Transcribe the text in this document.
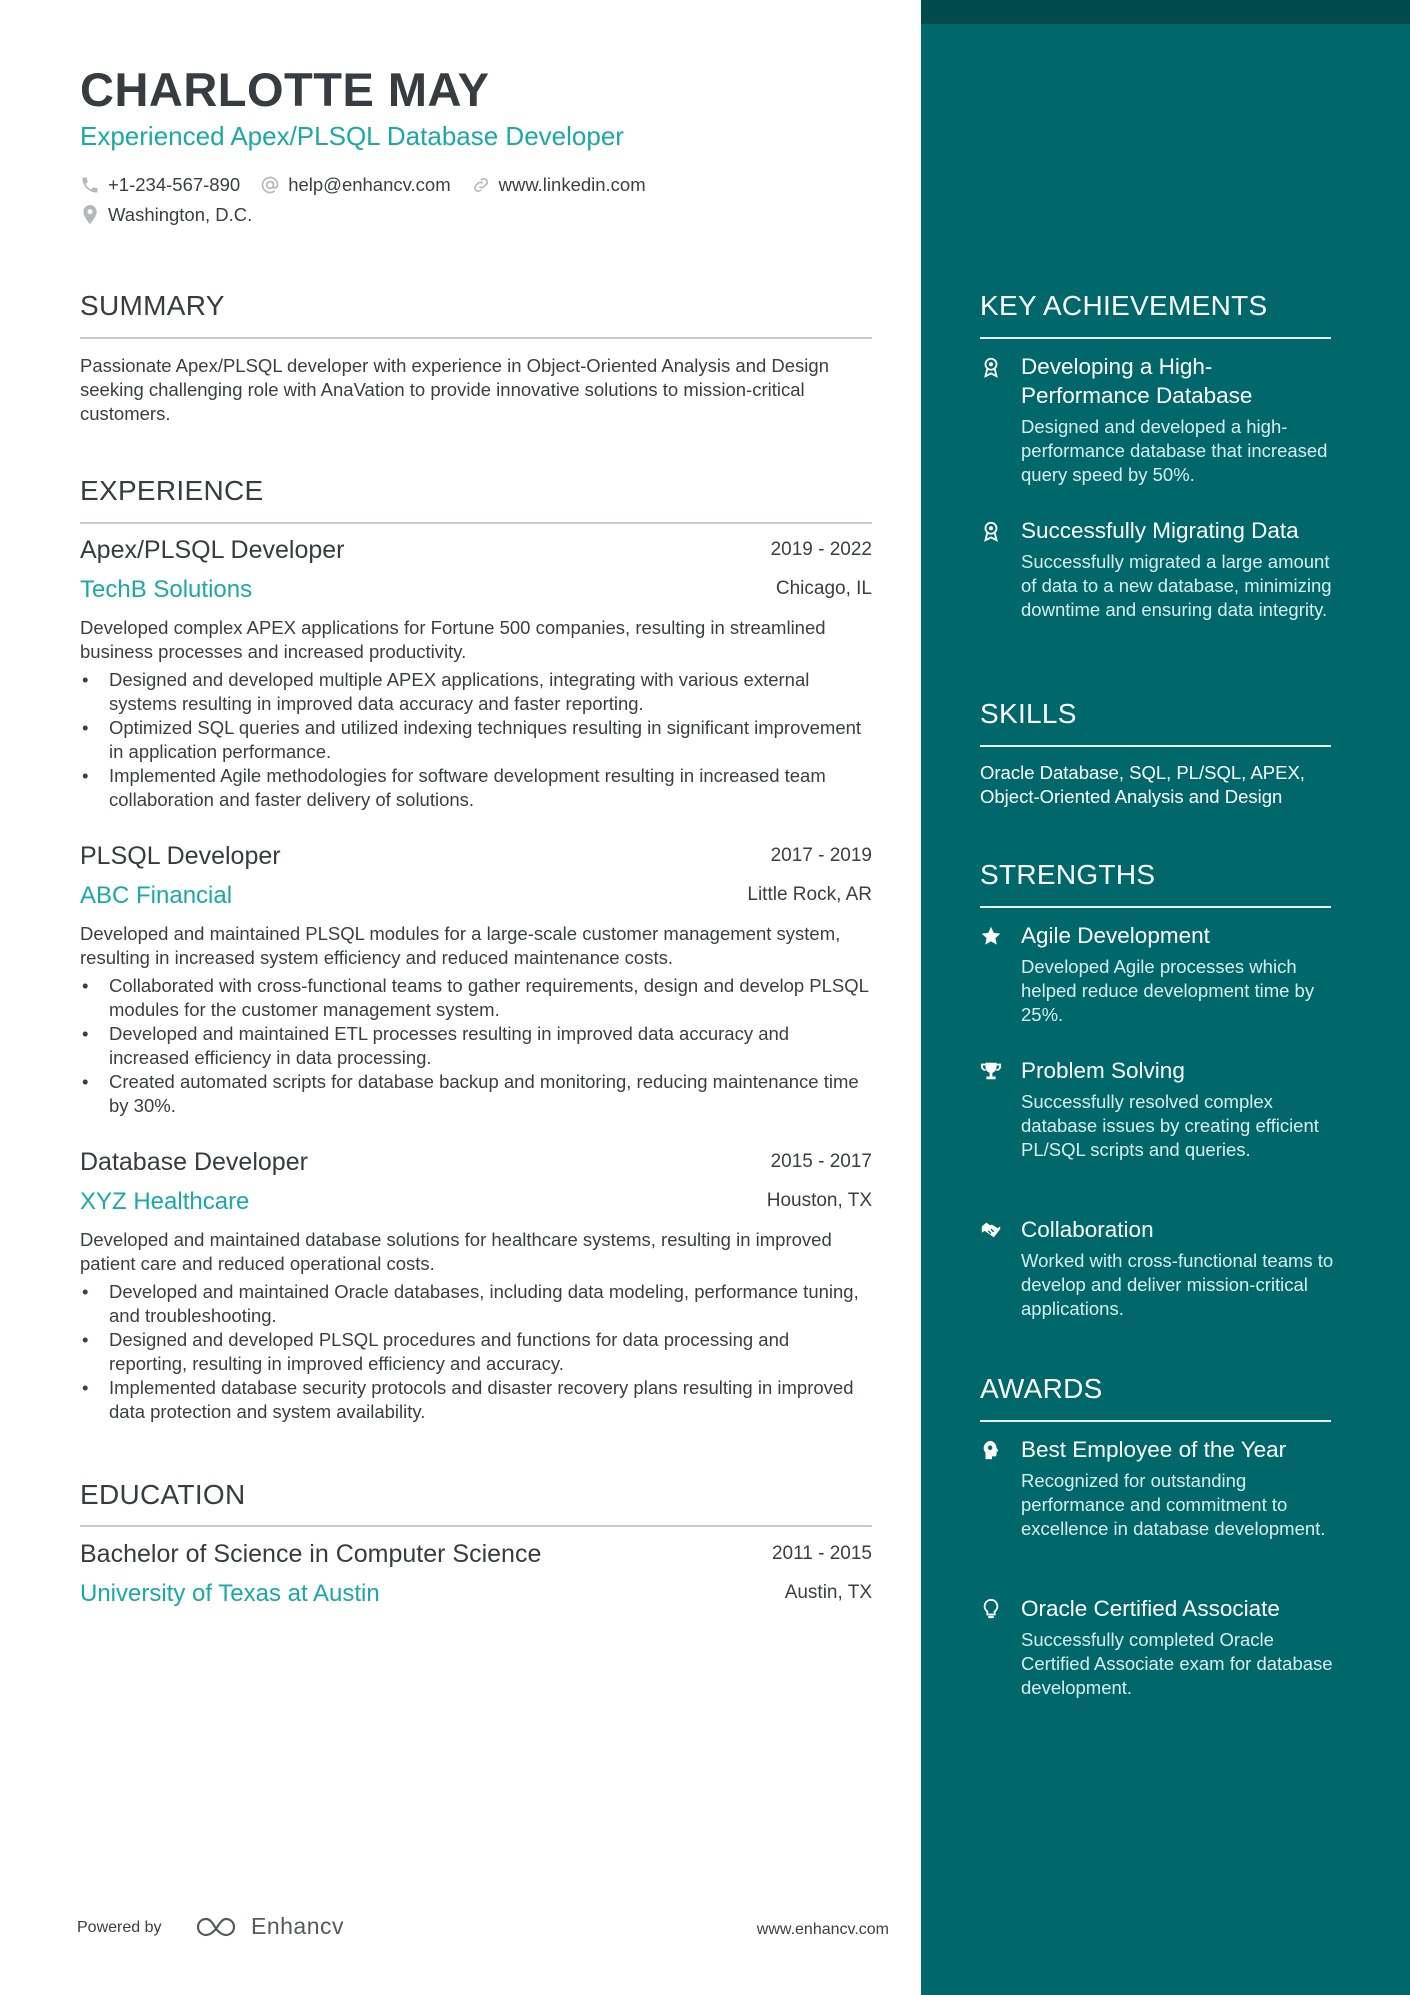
CHARLOTTE MAY
Experienced Apex/PLSQL Database Developer
+1-234-567-890	help@enhancv.com	www.linkedin.com
Washington, D.C.
SUMMARY

Passionate Apex/PLSQL developer with experience in Object-Oriented Analysis and Design seeking challenging role with AnaVation to provide innovative solutions to mission-critical customers.

EXPERIENCE
Apex/PLSQL Developer	2019 - 2022
TechB Solutions	Chicago, IL

Developed complex APEX applications for Fortune 500 companies, resulting in streamlined business processes and increased productivity.

• Designed and developed multiple APEX applications, integrating with various external systems resulting in improved data accuracy and faster reporting.
• Optimized SQL queries and utilized indexing techniques resulting in significant improvement in application performance.
• Implemented Agile methodologies for software development resulting in increased team collaboration and faster delivery of solutions.
PLSQL Developer	2017 - 2019
ABC Financial	Little Rock, AR

Developed and maintained PLSQL modules for a large-scale customer management system, resulting in increased system efficiency and reduced maintenance costs.

• Collaborated with cross-functional teams to gather requirements, design and develop PLSQL modules for the customer management system.
• Developed and maintained ETL processes resulting in improved data accuracy and increased efficiency in data processing.
• Created automated scripts for database backup and monitoring, reducing maintenance time by 30%.
Database Developer	2015 - 2017
XYZ Healthcare	Houston, TX

Developed and maintained database solutions for healthcare systems, resulting in improved patient care and reduced operational costs.

• Developed and maintained Oracle databases, including data modeling, performance tuning, and troubleshooting.
• Designed and developed PLSQL procedures and functions for data processing and reporting, resulting in improved efficiency and accuracy.
• Implemented database security protocols and disaster recovery plans resulting in improved data protection and system availability.
EDUCATION
Bachelor of Science in Computer Science	2011 - 2015
University of Texas at Austin	Austin, TX
Powered by	Enhancv	www.enhancv.com
KEY ACHIEVEMENTS
Developing a High-Performance Database
Designed and developed a high-performance database that increased query speed by 50%.
Successfully Migrating Data
Successfully migrated a large amount of data to a new database, minimizing downtime and ensuring data integrity.
SKILLS

Oracle Database, SQL, PL/SQL, APEX, Object-Oriented Analysis and Design

STRENGTHS
Agile Development
Developed Agile processes which helped reduce development time by 25%.
Problem Solving
Successfully resolved complex database issues by creating efficient PL/SQL scripts and queries.
Collaboration
Worked with cross-functional teams to develop and deliver mission-critical applications.
AWARDS
Best Employee of the Year
Recognized for outstanding performance and commitment to excellence in database development.
Oracle Certified Associate
Successfully completed Oracle Certified Associate exam for database development.
